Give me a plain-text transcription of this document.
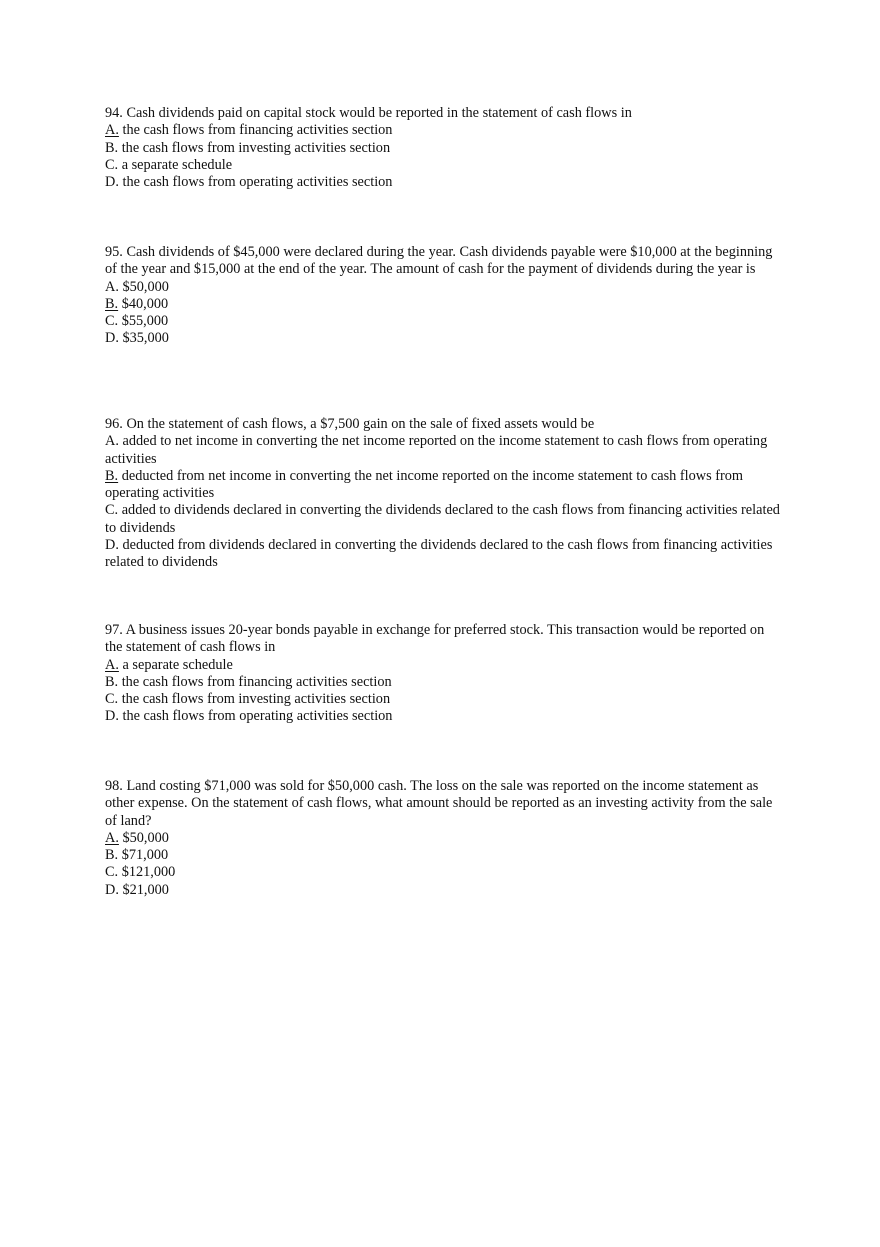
94. Cash dividends paid on capital stock would be reported in the statement of cash flows in

A. the cash flows from financing activities section
B. the cash flows from investing activities section
C. a separate schedule
D. the cash flows from operating activities section

95. Cash dividends of $45,000 were declared during the year. Cash dividends payable were $10,000 at the beginning of the year and $15,000 at the end of the year. The amount of cash for the payment of dividends during the year is

A. $50,000
B. $40,000
C. $55,000
D. $35,000

96. On the statement of cash flows, a $7,500 gain on the sale of fixed assets would be

A. added to net income in converting the net income reported on the income statement to cash flows from operating activities
B. deducted from net income in converting the net income reported on the income statement to cash flows from operating activities
C. added to dividends declared in converting the dividends declared to the cash flows from financing activities related to dividends
D. deducted from dividends declared in converting the dividends declared to the cash flows from financing activities related to dividends

97. A business issues 20-year bonds payable in exchange for preferred stock. This transaction would be reported on the statement of cash flows in

A. a separate schedule
B. the cash flows from financing activities section
C. the cash flows from investing activities section
D. the cash flows from operating activities section

98. Land costing $71,000 was sold for $50,000 cash. The loss on the sale was reported on the income statement as other expense. On the statement of cash flows, what amount should be reported as an investing activity from the sale of land?

A. $50,000
B. $71,000
C. $121,000
D. $21,000
